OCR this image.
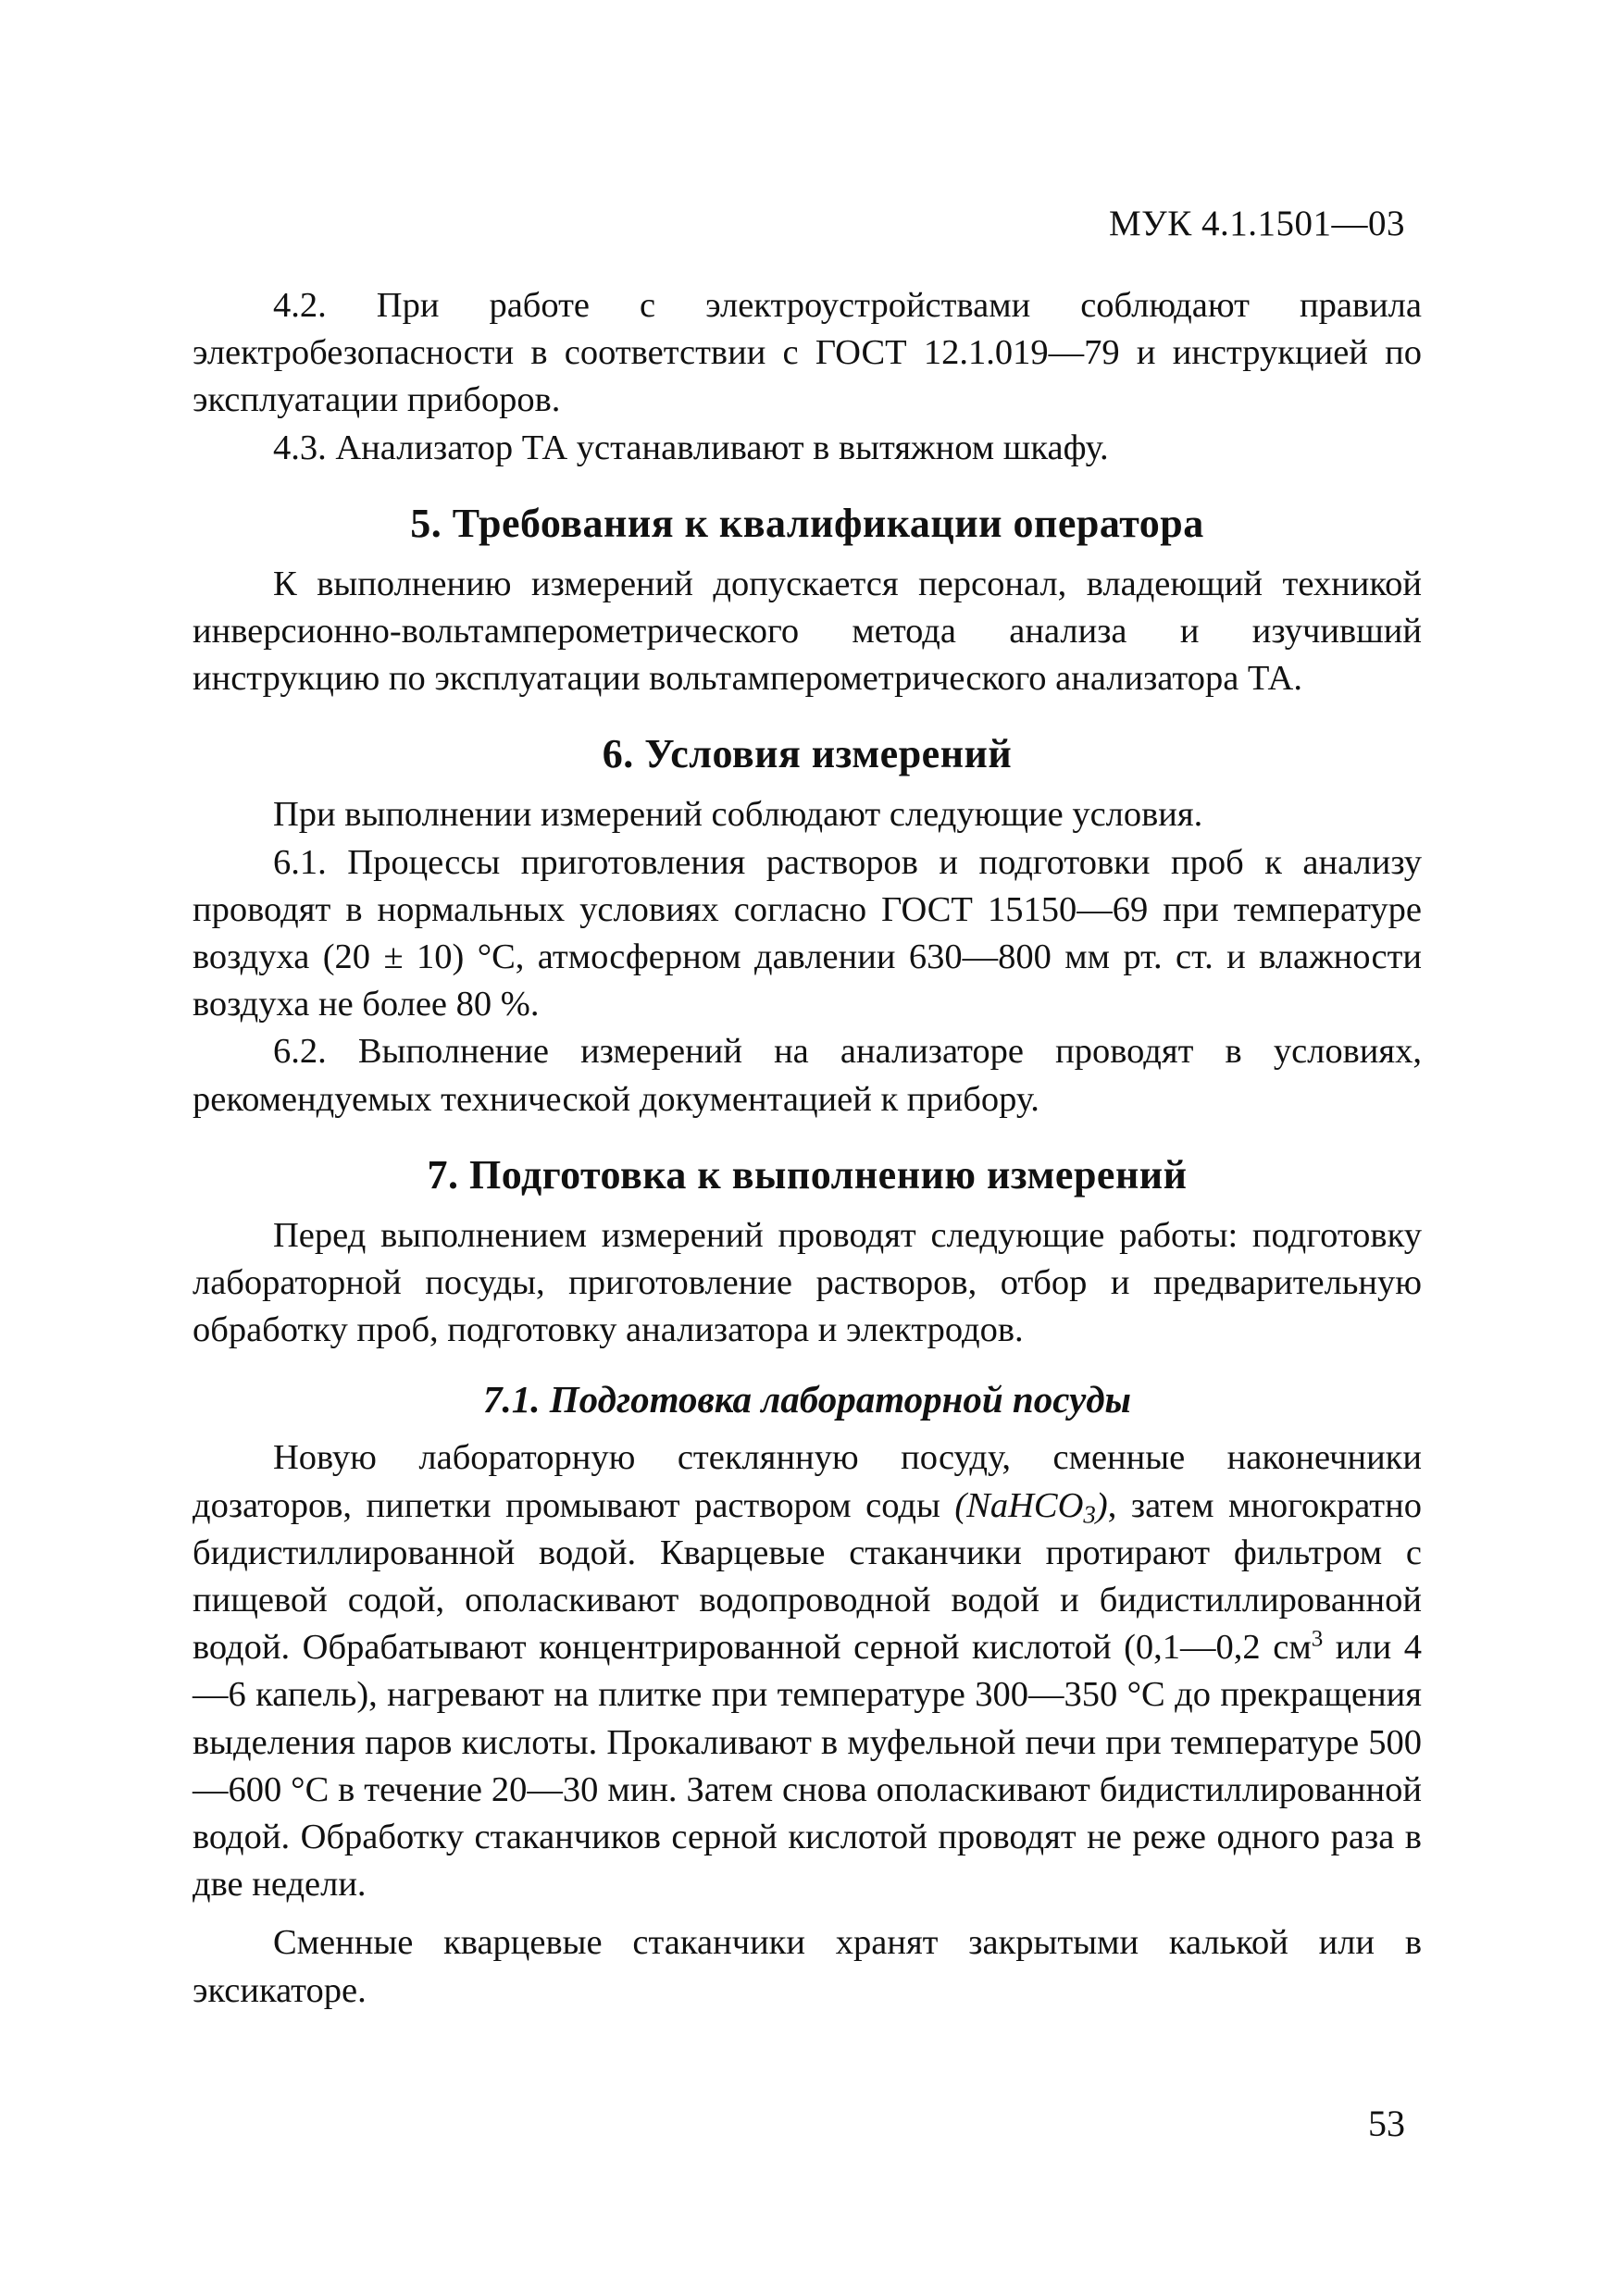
МУК 4.1.1501—03

4.2. При работе с электроустройствами соблюдают правила электробезопасности в соответствии с ГОСТ 12.1.019—79 и инструкцией по эксплуатации приборов.

4.3. Анализатор ТА устанавливают в вытяжном шкафу.

5. Требования к квалификации оператора

К выполнению измерений допускается персонал, владеющий техникой инверсионно-вольтамперометрического метода анализа и изучивший инструкцию по эксплуатации вольтамперометрического анализатора ТА.

6. Условия измерений

При выполнении измерений соблюдают следующие условия.

6.1. Процессы приготовления растворов и подготовки проб к анализу проводят в нормальных условиях согласно ГОСТ 15150—69 при температуре воздуха (20 ± 10) °С, атмосферном давлении 630—800 мм рт. ст. и влажности воздуха не более 80 %.

6.2. Выполнение измерений на анализаторе проводят в условиях, рекомендуемых технической документацией к прибору.

7. Подготовка к выполнению измерений

Перед выполнением измерений проводят следующие работы: подготовку лабораторной посуды, приготовление растворов, отбор и предварительную обработку проб, подготовку анализатора и электродов.

7.1. Подготовка лабораторной посуды

Новую лабораторную стеклянную посуду, сменные наконечники дозаторов, пипетки промывают раствором соды (NaHCO$_3$), затем многократно бидистиллированной водой. Кварцевые стаканчики протирают фильтром с пищевой содой, ополаскивают водопроводной водой и бидистиллированной водой. Обрабатывают концентрированной серной кислотой (0,1—0,2 $см^3$ или 4—6 капель), нагревают на плитке при температуре 300—350 °С до прекращения выделения паров кислоты. Прокаливают в муфельной печи при температуре 500—600 °С в течение 20—30 мин. Затем снова ополаскивают бидистиллированной водой. Обработку стаканчиков серной кислотой проводят не реже одного раза в две недели.

Сменные кварцевые стаканчики хранят закрытыми калькой или в эксикаторе.

53
